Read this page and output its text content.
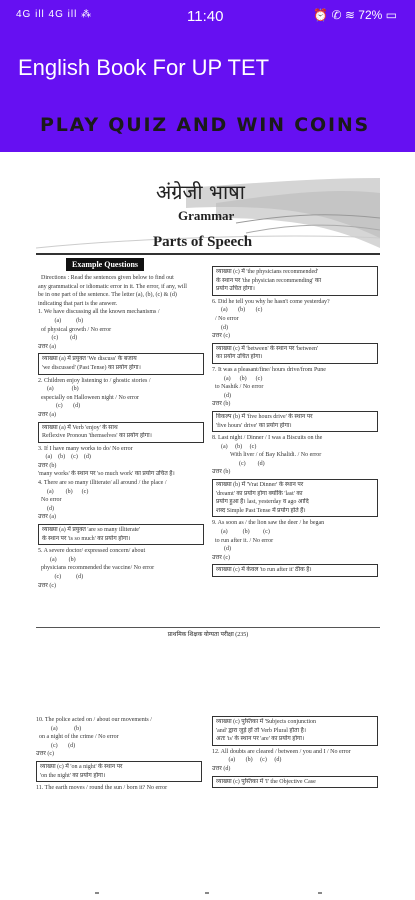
4G ill 4G ill ⁂	11:40	⏰ ✆ ≋ 72% ▭
English Book For UP TET
PLAY QUIZ AND WIN COINS
अंग्रेजी भाषा
Grammar
Parts of Speech
Example Questions

Directions : Read the sentences given below to find out

any grammatical or idiomatic error in it. The error, if any, will

be in one part of the sentence. The letter (a), (b), (c) & (d)

indicating that part is the answer.

1. We have discussing all the known mechanisms /

(a)          (b)

of physical growth / No error

(c)        (d)

उत्तर (a)

व्याख्या (a) में प्रयुक्त 'We discuss' के बजाय

'we discussed' (Past Tense) का प्रयोग होगा।

2. Children enjoy listening to / ghostic stories /

(a)            (b)

especially on Halloween night / No error

(c)       (d)

उत्तर (a)

व्याख्या (a) में Verb 'enjoy' के साथ

Reflexive Pronoun 'themselves' का प्रयोग होगा।

3. If I have many works to do/ No error

(a)    (b)    (c)    (d)

उत्तर (b)

'many works' के स्थान पर 'so much work' का प्रयोग उचित है।

4. There are so many illiterate/ all around / the place /

(a)        (b)      (c)

No error

(d)

उत्तर (a)

व्याख्या (a) में प्रयुक्त 'are so many illiterate'

के स्थान पर 'is so much' का प्रयोग होगा।

5. A severe doctor/ expressed concern/ about

(a)        (b)

physicians recommended the vaccine/ No error

(c)          (d)

उत्तर (c)

व्याख्या (c) में 'the physicians recommended'

के स्थान पर 'the physician recommending' का

प्रयोग उचित होगा।

6. Did he tell you why he hasn't come yesterday?

(a)       (b)       (c)

/ No error

(d)

उत्तर (c)

व्याख्या (c) में 'between' के स्थान पर 'between'

का प्रयोग उचित होगा।

7. It was a pleasant/fine/ hours drive/from Pune

(a)      (b)      (c)

to Nashik / No error

(d)

उत्तर (b)

विकल्प (b) में 'five hours drive' के स्थान पर

'five hours' drive' का प्रयोग होगा।

8. Last night / Dinner / I was a Biscuits on the

(a)     (b)     (c)

With liver / of Bay Khalidi. / No error

(c)        (d)

उत्तर (b)

व्याख्या (b) में 'Vrat Dinner' के स्थान पर

'dreamt' का प्रयोग होगा क्योंकि 'last' का

प्रयोग हुआ है। last, yesterday व ago आदि

शब्द Simple Past Tense में प्रयोग होते हैं।

9. As soon as / the lion saw the deer / he began

(a)          (b)         (c)

to run after it. / No error

(d)

उत्तर (c)

व्याख्या (c) में केवल 'to run after it' ठीक है।

प्राथमिक शिक्षक योग्यता परीक्षा (235)

10. The police acted on / about our movements /

(a)           (b)

on a night of the crime / No error

(c)       (d)

उत्तर (c)

व्याख्या (c) में 'on a night' के स्थान पर

'on the night' का प्रयोग होगा।

11. The earth moves / round the sun / born it? No error

व्याख्या (c) पुस्तिका में 'Subjects conjunction

'and' द्वारा जुड़े हों तो Verb Plural होता है।

अतः 'is' के स्थान पर 'are' का प्रयोग होगा।

12. All doubts are cleared / between / you and I / No error

(a)       (b)     (c)     (d)

उत्तर (d)

व्याख्या (c) पुस्तिका में 'I' the Objective Case
